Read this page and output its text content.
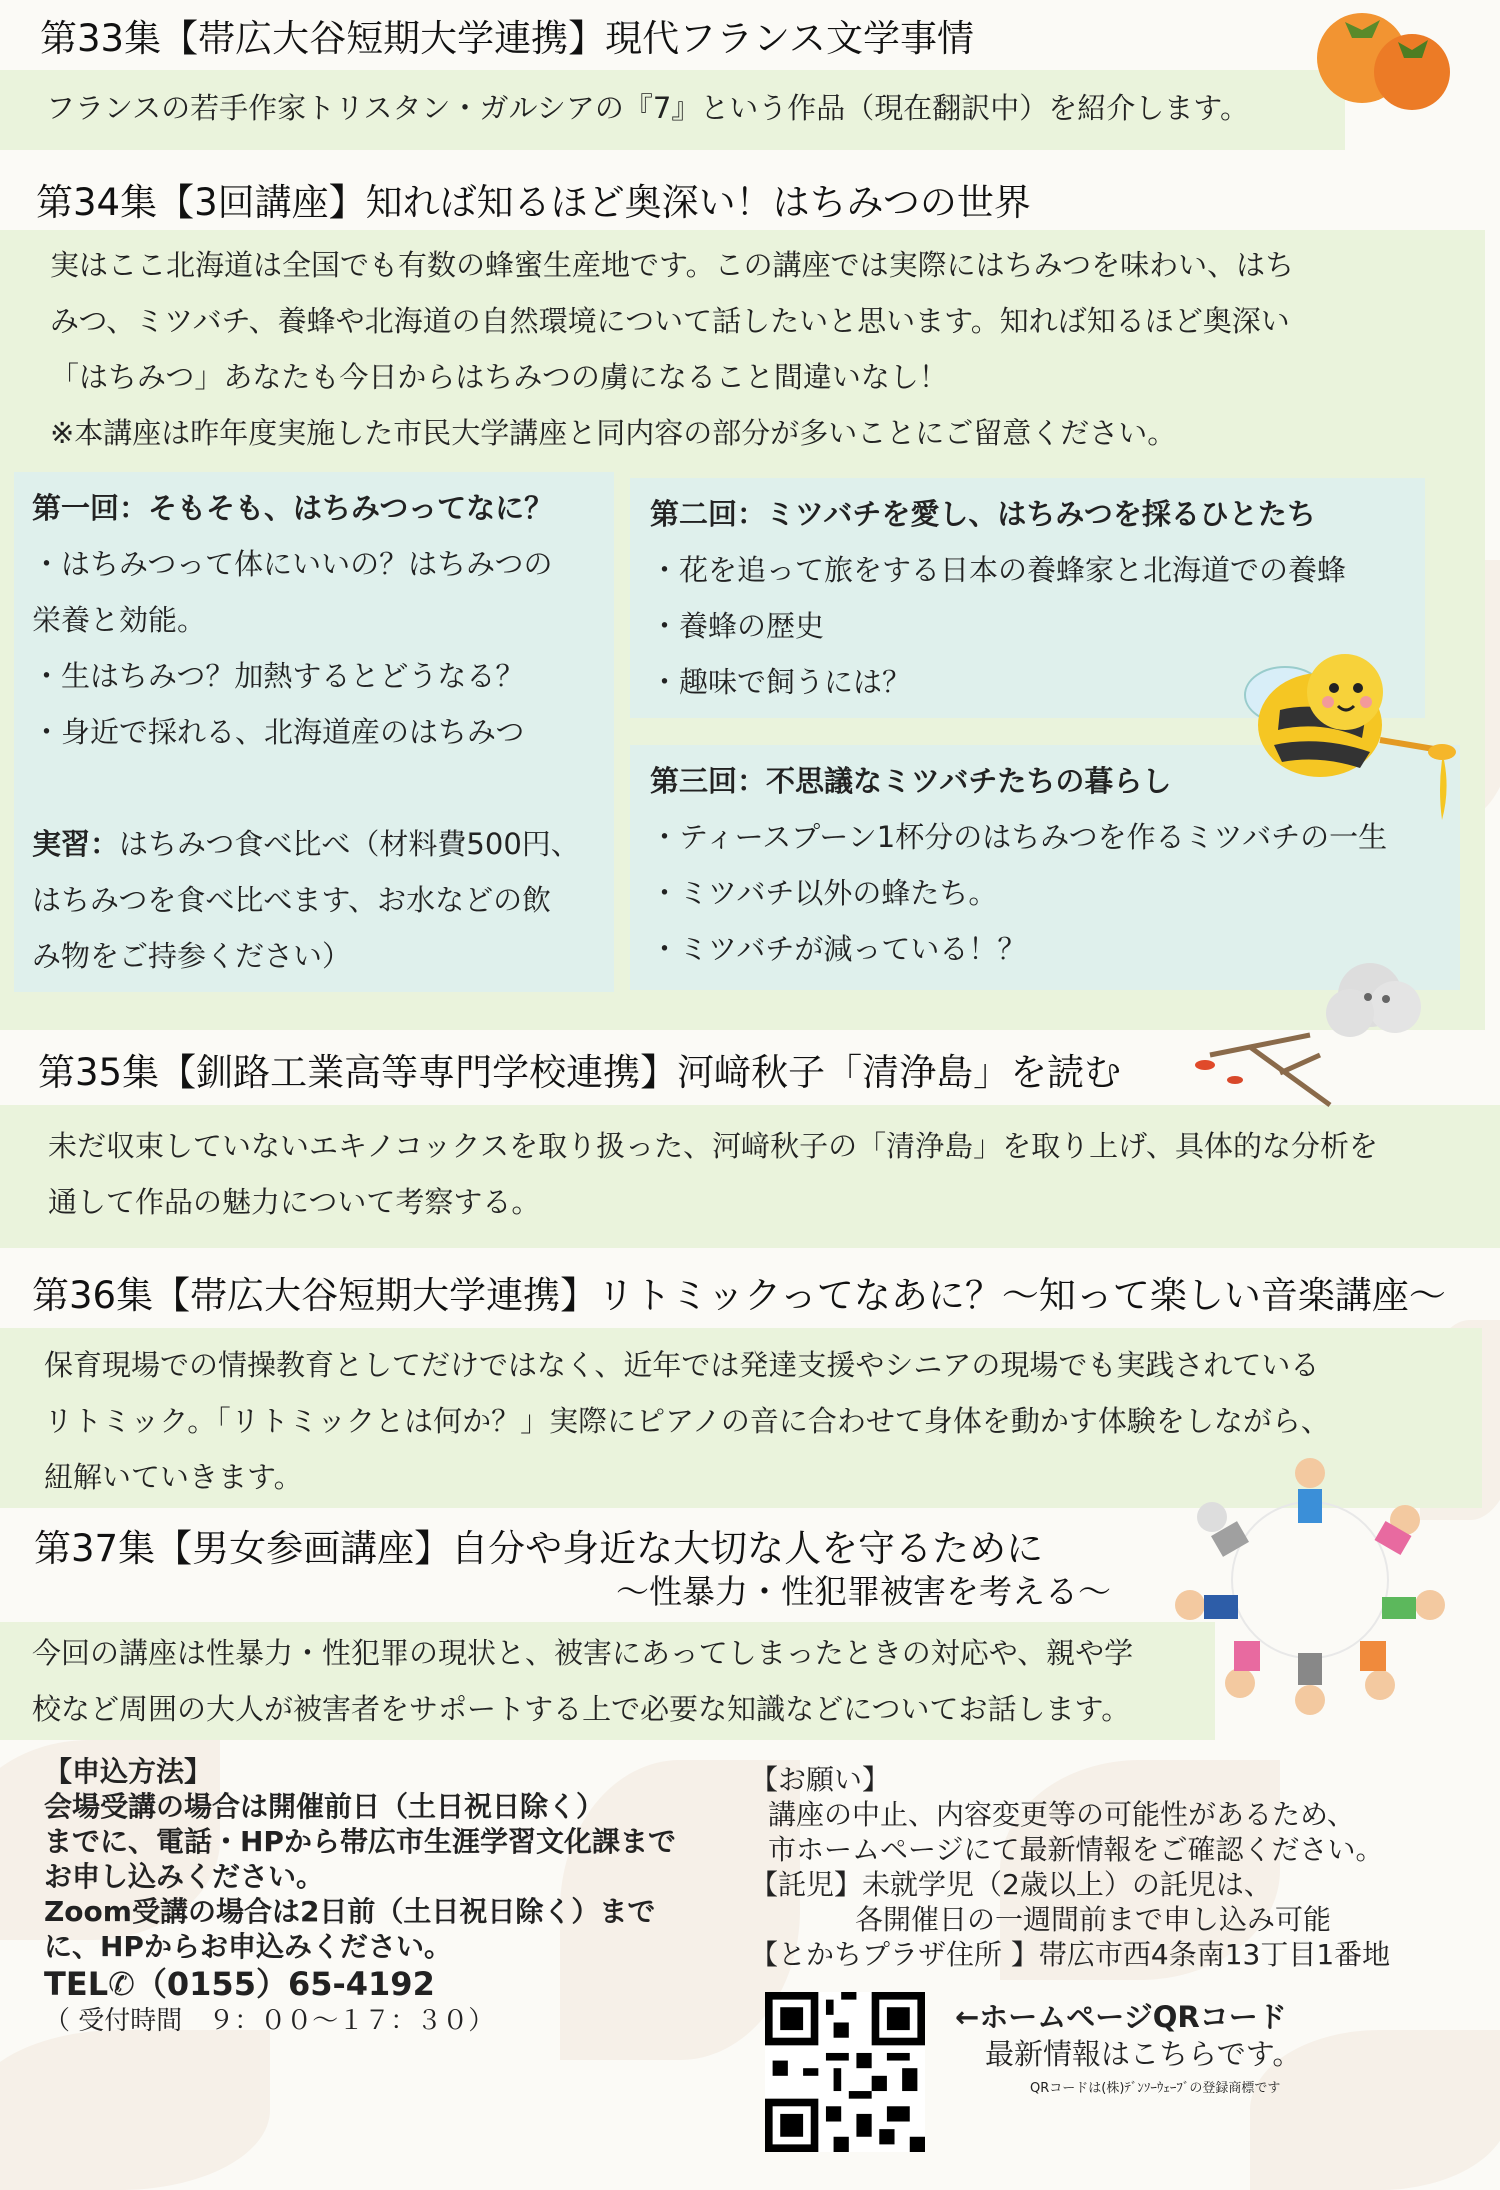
第33集【帯広大谷短期大学連携】現代フランス文学事情
フランスの若手作家トリスタン・ガルシアの『7』という作品（現在翻訳中）を紹介します。
第34集【3回講座】知れば知るほど奥深い！はちみつの世界
実はここ北海道は全国でも有数の蜂蜜生産地です。この講座では実際にはちみつを味わい、はち
みつ、ミツバチ、養蜂や北海道の自然環境について話したいと思います。知れば知るほど奥深い
「はちみつ」あなたも今日からはちみつの虜になること間違いなし！
※本講座は昨年度実施した市民大学講座と同内容の部分が多いことにご留意ください。
第一回：そもそも、はちみつってなに？
・はちみつって体にいいの？はちみつの
栄養と効能。
・生はちみつ？加熱するとどうなる？
・身近で採れる、北海道産のはちみつ
実習：はちみつ食べ比べ（材料費500円、
はちみつを食べ比べます、お水などの飲
み物をご持参ください）
第二回：ミツバチを愛し、はちみつを採るひとたち
・花を追って旅をする日本の養蜂家と北海道での養蜂
・養蜂の歴史
・趣味で飼うには？
第三回：不思議なミツバチたちの暮らし
・ティースプーン1杯分のはちみつを作るミツバチの一生
・ミツバチ以外の蜂たち。
・ミツバチが減っている！？
第35集【釧路工業高等専門学校連携】河﨑秋子「清浄島」を読む
未だ収束していないエキノコックスを取り扱った、河﨑秋子の「清浄島」を取り上げ、具体的な分析を
通して作品の魅力について考察する。
第36集【帯広大谷短期大学連携】リトミックってなあに？～知って楽しい音楽講座～
保育現場での情操教育としてだけではなく、近年では発達支援やシニアの現場でも実践されている
リトミック。「リトミックとは何か？」実際にピアノの音に合わせて身体を動かす体験をしながら、
紐解いていきます。
第37集【男女参画講座】自分や身近な大切な人を守るために
～性暴力・性犯罪被害を考える～
今回の講座は性暴力・性犯罪の現状と、被害にあってしまったときの対応や、親や学
校など周囲の大人が被害者をサポートする上で必要な知識などについてお話します。
【申込方法】
会場受講の場合は開催前日（土日祝日除く）
までに、電話・HPから帯広市生涯学習文化課まで
お申し込みください。
Zoom受講の場合は2日前（土日祝日除く）まで
に、HPからお申込みください。
TEL✆（0155）65-4192
（ 受付時間　９：００～１７：３０）
【お願い】
講座の中止、内容変更等の可能性があるため、
市ホームページにて最新情報をご確認ください。
【託児】未就学児（2歳以上）の託児は、
各開催日の一週間前まで申し込み可能
【とかちプラザ住所 】帯広市西4条南13丁目1番地
←ホームページQRコード
最新情報はこちらです。
QRコードは(株)ﾃﾞﾝｿｰｳｪｰﾌﾞの登録商標です
